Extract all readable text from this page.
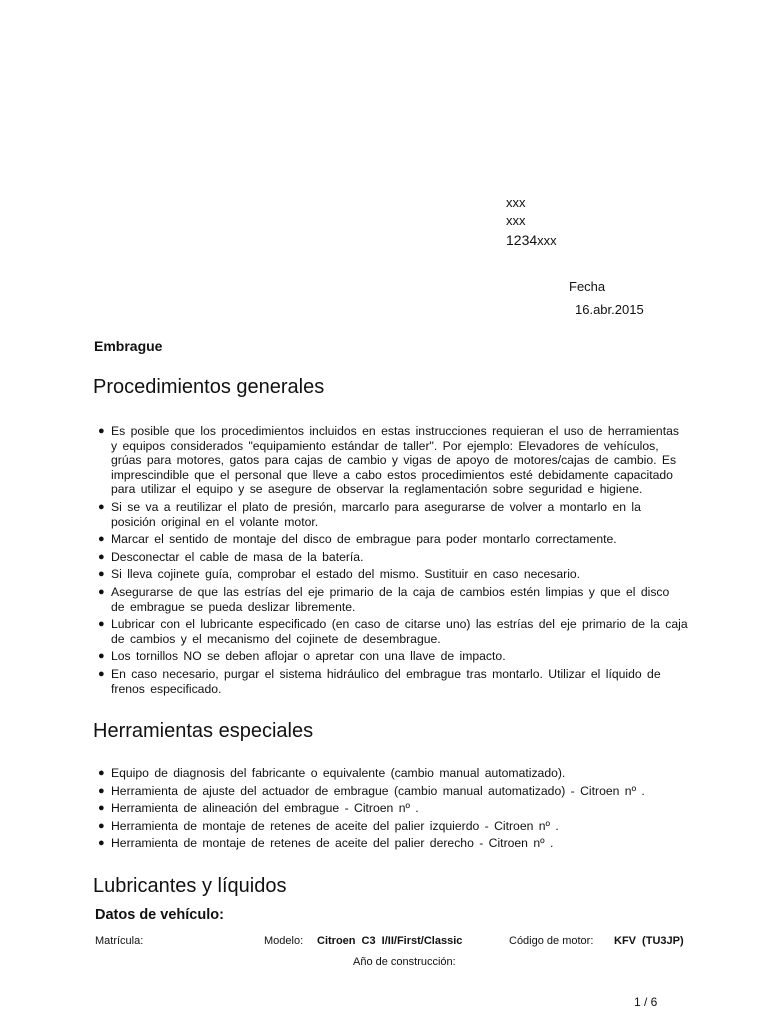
xxx
xxx
1234xxx
Fecha
16.abr.2015
Embrague
Procedimientos generales
● Es posible que los procedimientos incluidos en estas instrucciones requieran el uso de herramientas y equipos considerados "equipamiento estándar de taller". Por ejemplo: Elevadores de vehículos, grúas para motores, gatos para cajas de cambio y vigas de apoyo de motores/cajas de cambio. Es imprescindible que el personal que lleve a cabo estos procedimientos esté debidamente capacitado para utilizar el equipo y se asegure de observar la reglamentación sobre seguridad e higiene.
● Si se va a reutilizar el plato de presión, marcarlo para asegurarse de volver a montarlo en la posición original en el volante motor.
● Marcar el sentido de montaje del disco de embrague para poder montarlo correctamente.
● Desconectar el cable de masa de la batería.
● Si lleva cojinete guía, comprobar el estado del mismo. Sustituir en caso necesario.
● Asegurarse de que las estrías del eje primario de la caja de cambios estén limpias y que el disco de embrague se pueda deslizar libremente.
● Lubricar con el lubricante especificado (en caso de citarse uno) las estrías del eje primario de la caja de cambios y el mecanismo del cojinete de desembrague.
● Los tornillos NO se deben aflojar o apretar con una llave de impacto.
● En caso necesario, purgar el sistema hidráulico del embrague tras montarlo. Utilizar el líquido de frenos especificado.
Herramientas especiales
● Equipo de diagnosis del fabricante o equivalente (cambio manual automatizado).
● Herramienta de ajuste del actuador de embrague (cambio manual automatizado) - Citroen nº .
● Herramienta de alineación del embrague - Citroen nº .
● Herramienta de montaje de retenes de aceite del palier izquierdo - Citroen nº .
● Herramienta de montaje de retenes de aceite del palier derecho - Citroen nº .
Lubricantes y líquidos
Datos de vehículo:
Matrícula:	Modelo: Citroen C3 I/II/First/Classic	Código de motor: KFV (TU3JP)
Año de construcción:
1 / 6
